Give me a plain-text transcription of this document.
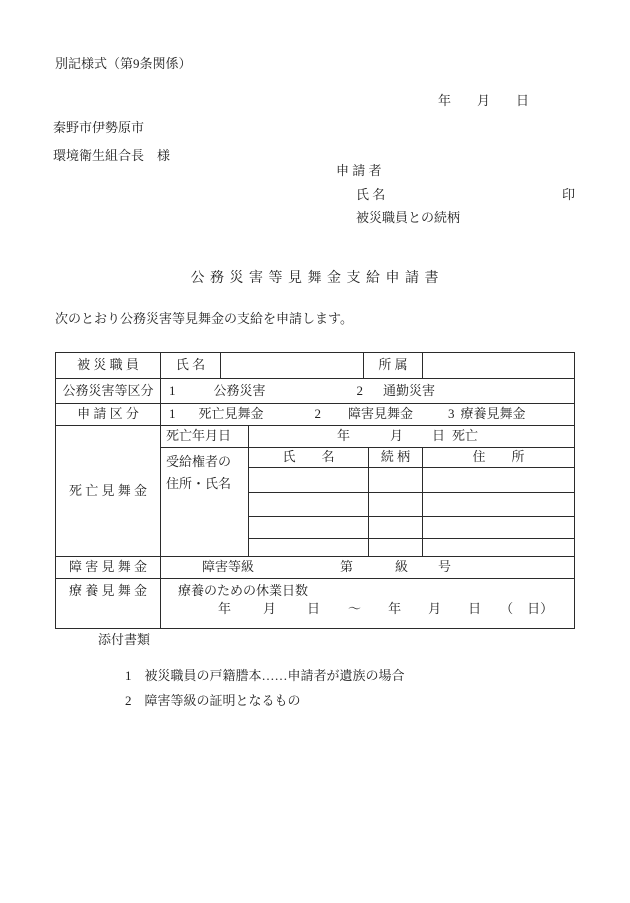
別記様式（第9条関係）
年　　月　　日
秦野市伊勢原市
環境衛生組合長　様
申 請 者
氏 名	印
被災職員との続柄
公 務 災 害 等 見 舞 金 支 給 申 請 書
次のとおり公務災害等見舞金の支給を申請します。
被 災 職 員	氏 名	所 属
公務災害等区分	1	公務災害	2 通勤災害
申 請 区 分	1 死亡見舞金	2 障害見舞金	3 療養見舞金
死 亡 見 舞 金
死亡年月日	年	月 日 死亡
受給権者の
住所・氏名
氏　　名	続 柄	住　　所
障 害 見 舞 金	障害等級	第	級 号
療 養 見 舞 金	療養のための休業日数
年 月 日 ～ 年 月 日 （ 日）
添付書類
1　被災職員の戸籍謄本……申請者が遺族の場合
2　障害等級の証明となるもの
